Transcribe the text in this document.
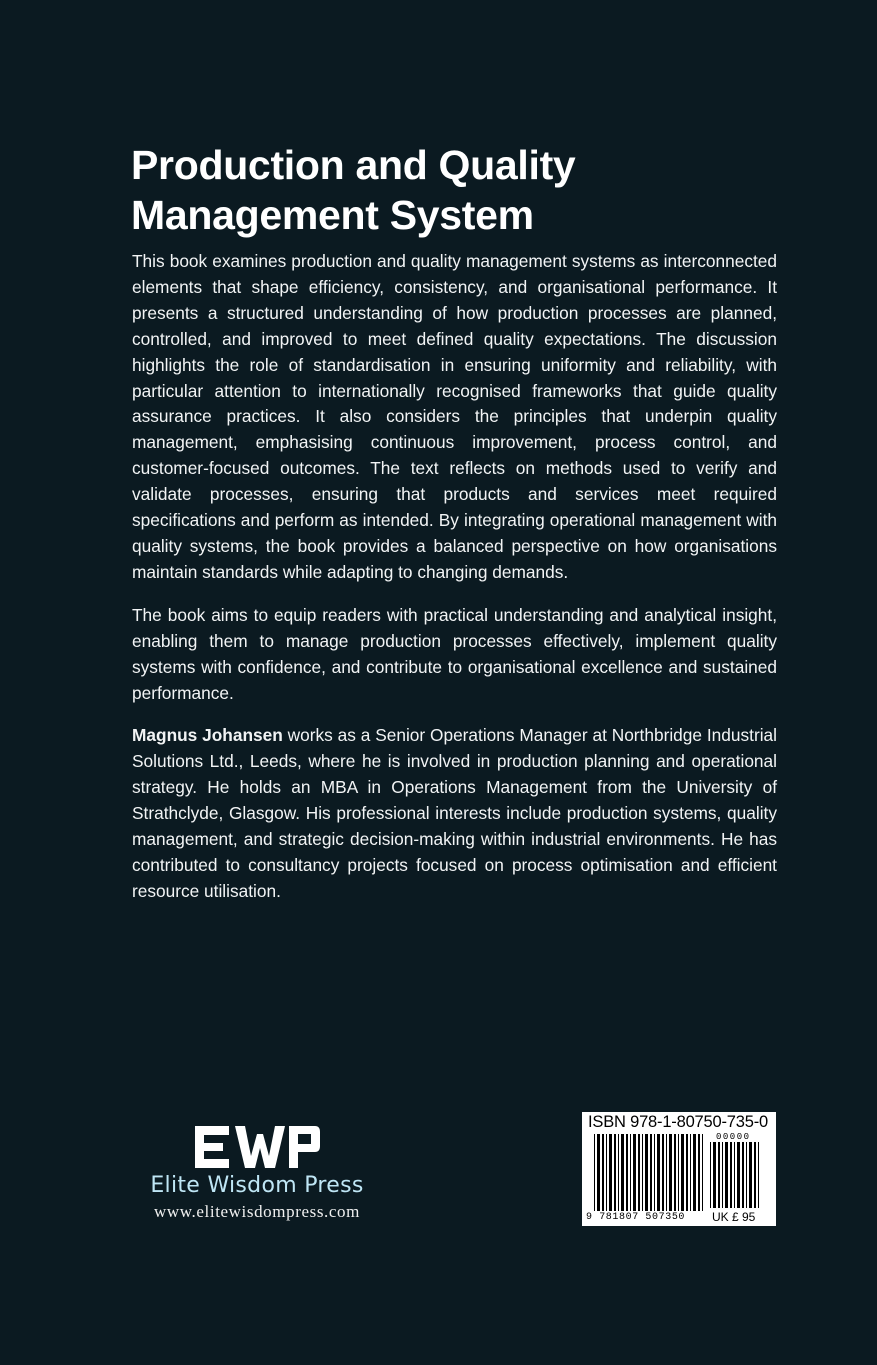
Production and Quality
Management System

This book examines production and quality management systems as interconnected elements that shape efficiency, consistency, and organisational performance. It presents a structured understanding of how production processes are planned, controlled, and improved to meet defined quality expectations. The discussion highlights the role of standardisation in ensuring uniformity and reliability, with particular attention to internationally recognised frameworks that guide quality assurance practices. It also considers the principles that underpin quality management, emphasising continuous improvement, process control, and customer-focused outcomes. The text reflects on methods used to verify and validate processes, ensuring that products and services meet required specifications and perform as intended. By integrating operational management with quality systems, the book provides a balanced perspective on how organisations maintain standards while adapting to changing demands.

The book aims to equip readers with practical understanding and analytical insight, enabling them to manage production processes effectively, implement quality systems with confidence, and contribute to organisational excellence and sustained performance.

Magnus Johansen works as a Senior Operations Manager at Northbridge Industrial Solutions Ltd., Leeds, where he is involved in production planning and operational strategy. He holds an MBA in Operations Management from the University of Strathclyde, Glasgow. His professional interests include production systems, quality management, and strategic decision-making within industrial environments. He has contributed to consultancy projects focused on process optimisation and efficient resource utilisation.

Elite Wisdom Press
www.elitewisdompress.com
ISBN 978-1-80750-735-0
00000
9 781807 507350 UK £ 95
